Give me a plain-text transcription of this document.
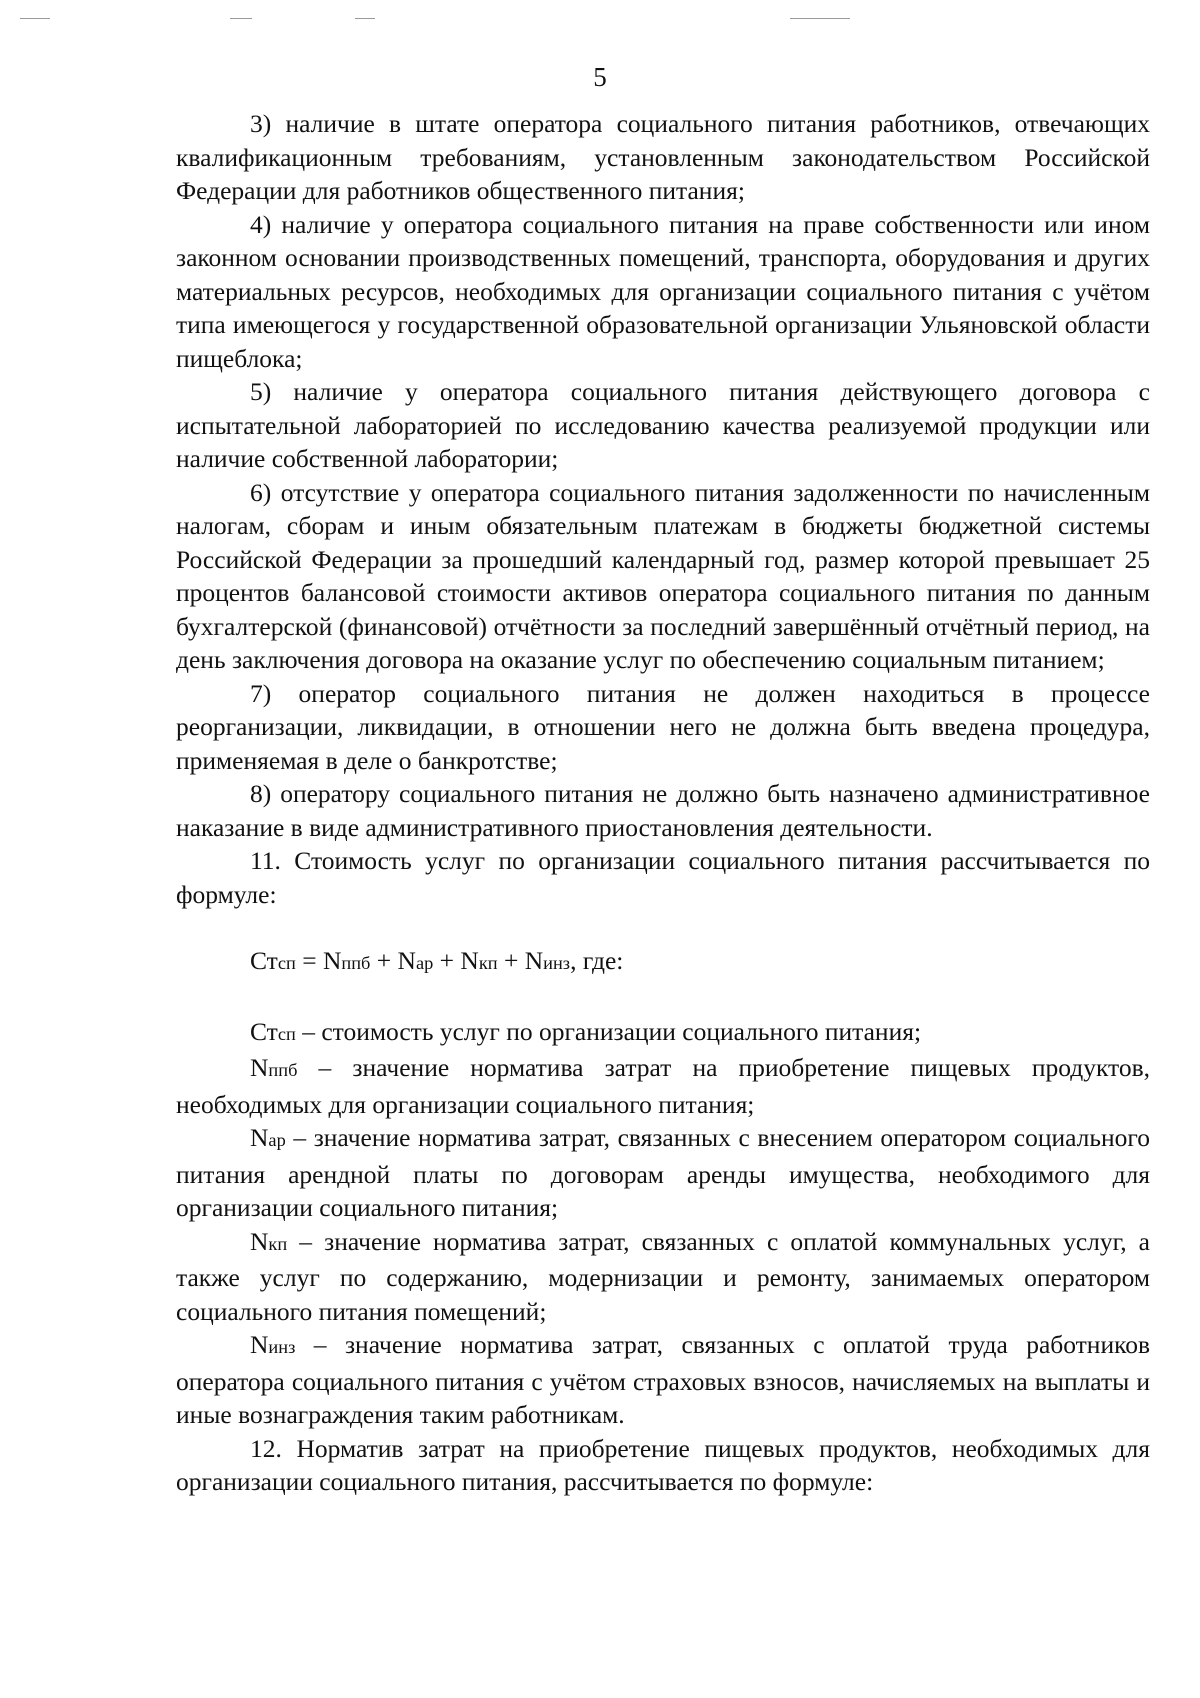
5

3) наличие в штате оператора социального питания работников, отвечающих квалификационным требованиям, установленным законодательством Российской Федерации для работников общественного питания;

4) наличие у оператора социального питания на праве собственности или ином законном основании производственных помещений, транспорта, оборудования и других материальных ресурсов, необходимых для организации социального питания с учётом типа имеющегося у государственной образовательной организации Ульяновской области пищеблока;

5) наличие у оператора социального питания действующего договора с испытательной лабораторией по исследованию качества реализуемой продукции или наличие собственной лаборатории;

6) отсутствие у оператора социального питания задолженности по начисленным налогам, сборам и иным обязательным платежам в бюджеты бюджетной системы Российской Федерации за прошедший календарный год, размер которой превышает 25 процентов балансовой стоимости активов оператора социального питания по данным бухгалтерской (финансовой) отчётности за последний завершённый отчётный период, на день заключения договора на оказание услуг по обеспечению социальным питанием;

7) оператор социального питания не должен находиться в процессе реорганизации, ликвидации, в отношении него не должна быть введена процедура, применяемая в деле о банкротстве;

8) оператору социального питания не должно быть назначено административное наказание в виде административного приостановления деятельности.

11. Стоимость услуг по организации социального питания рассчитывается по формуле:

Стсп = Nппб + Nар + Nкп + Nинз, где:

Стсп – стоимость услуг по организации социального питания;

Nппб – значение норматива затрат на приобретение пищевых продуктов, необходимых для организации социального питания;

Nар – значение норматива затрат, связанных с внесением оператором социального питания арендной платы по договорам аренды имущества, необходимого для организации социального питания;

Nкп – значение норматива затрат, связанных с оплатой коммунальных услуг, а также услуг по содержанию, модернизации и ремонту, занимаемых оператором социального питания помещений;

Nинз – значение норматива затрат, связанных с оплатой труда работников оператора социального питания с учётом страховых взносов, начисляемых на выплаты и иные вознаграждения таким работникам.

12. Норматив затрат на приобретение пищевых продуктов, необходимых для организации социального питания, рассчитывается по формуле:
